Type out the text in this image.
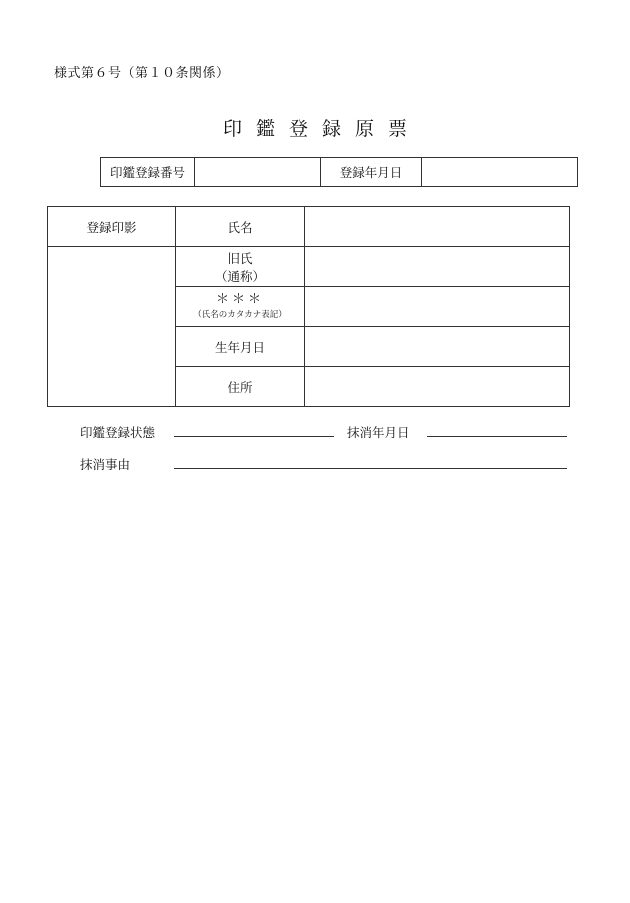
様式第６号（第１０条関係）
印鑑登録原票
印鑑登録番号		登録年月日	
登録印影	氏名	

	旧氏
（通称）	

	＊＊＊
（氏名のカタカナ表記）	

	生年月日	
	住所	
印鑑登録状態	抹消年月日
抹消事由
